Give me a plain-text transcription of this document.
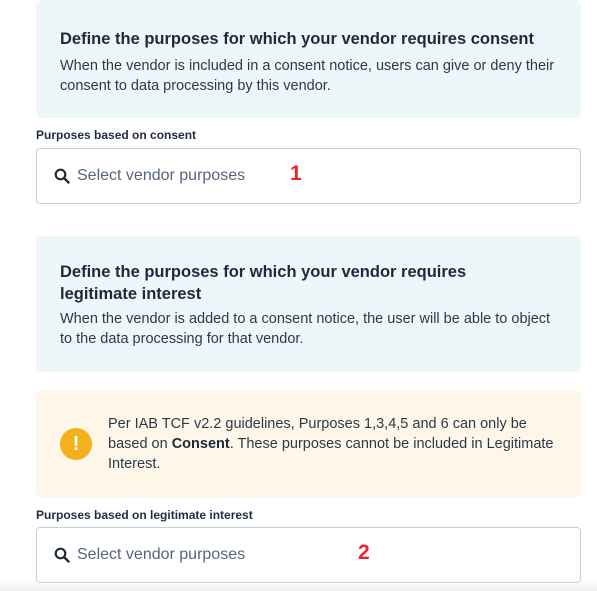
Define the purposes for which your vendor requires consent

When the vendor is included in a consent notice, users can give or deny their consent to data processing by this vendor.

Purposes based on consent
Select vendor purposes 1

Define the purposes for which your vendor requires legitimate interest

When the vendor is added to a consent notice, the user will be able to object to the data processing for that vendor.

!
Per IAB TCF v2.2 guidelines, Purposes 1,3,4,5 and 6 can only be based on Consent. These purposes cannot be included in Legitimate Interest.
Purposes based on legitimate interest
Select vendor purposes	2
